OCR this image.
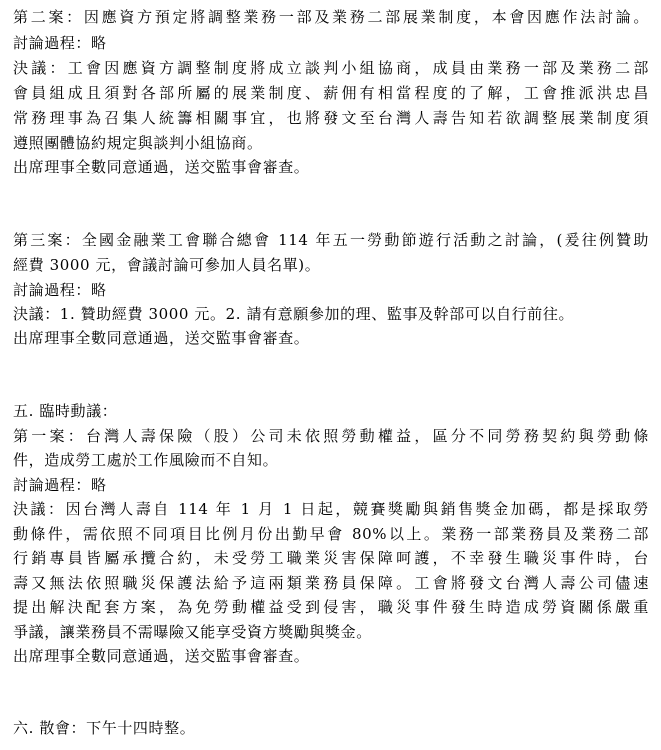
第二案：因應資方預定將調整業務一部及業務二部展業制度，本會因應作法討論。
討論過程：略
決議：工會因應資方調整制度將成立談判小組協商，成員由業務一部及業務二部
會員組成且須對各部所屬的展業制度、薪佣有相當程度的了解，工會推派洪忠昌
常務理事為召集人統籌相關事宜，也將發文至台灣人壽告知若欲調整展業制度須
遵照團體協約規定與談判小組協商。
出席理事全數同意通過，送交監事會審查。
第三案：全國金融業工會聯合總會 114 年五一勞動節遊行活動之討論，(爰往例贊助
經費 3000 元，會議討論可參加人員名單)。
討論過程：略
決議：1. 贊助經費 3000 元。2. 請有意願參加的理、監事及幹部可以自行前往。
出席理事全數同意通過，送交監事會審查。
五. 臨時動議：
第一案：台灣人壽保險（股）公司未依照勞動權益，區分不同勞務契約與勞動條
件，造成勞工處於工作風險而不自知。
討論過程：略
決議：因台灣人壽自 114 年 1 月 1 日起，競賽獎勵與銷售獎金加碼，都是採取勞
動條件，需依照不同項目比例月份出勤早會 80%以上。業務一部業務員及業務二部
行銷專員皆屬承攬合約，未受勞工職業災害保障呵護，不幸發生職災事件時，台
壽又無法依照職災保護法給予這兩類業務員保障。工會將發文台灣人壽公司儘速
提出解決配套方案，為免勞動權益受到侵害，職災事件發生時造成勞資關係嚴重
爭議，讓業務員不需曝險又能享受資方獎勵與獎金。
出席理事全數同意通過，送交監事會審查。
六. 散會：下午十四時整。
